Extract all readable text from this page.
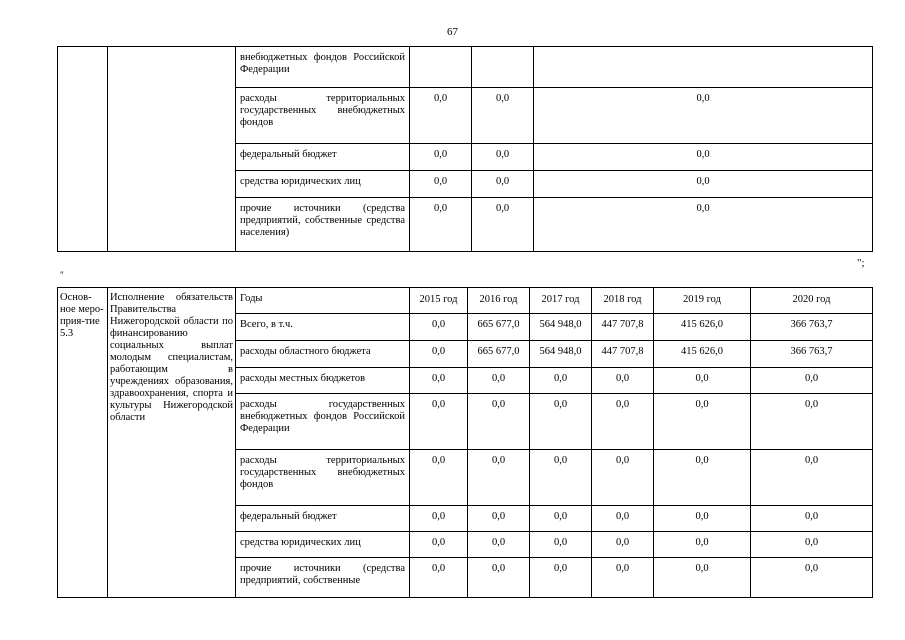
67
		внебюджетных фондов Российской Федерации			
		расходы территориальных государственных внебюджетных фондов	0,0	0,0	0,0
		федеральный бюджет	0,0	0,0	0,0
		средства юридических лиц	0,0	0,0	0,0
		прочие источники (средства предприятий, собственные средства населения)	0,0	0,0	0,0
";
"
Основ-ное меро-прия-тие 5.3	Исполнение обязательств Правительства Нижегородской области по финансированию социальных выплат молодым специалистам, работающим в учреждениях образования, здравоохранения, спорта и культуры Нижегородской области	Годы	2015 год	2016 год	2017 год	2018 год	2019 год	2020 год
		Всего, в т.ч.	0,0	665 677,0	564 948,0	447 707,8	415 626,0	366 763,7
		расходы областного бюджета	0,0	665 677,0	564 948,0	447 707,8	415 626,0	366 763,7
		расходы местных бюджетов	0,0	0,0	0,0	0,0	0,0	0,0
		расходы государственных внебюджетных фондов Российской Федерации	0,0	0,0	0,0	0,0	0,0	0,0
		расходы территориальных государственных внебюджетных фондов	0,0	0,0	0,0	0,0	0,0	0,0
		федеральный бюджет	0,0	0,0	0,0	0,0	0,0	0,0
		средства юридических лиц	0,0	0,0	0,0	0,0	0,0	0,0
		прочие источники (средства предприятий, собственные	0,0	0,0	0,0	0,0	0,0	0,0
